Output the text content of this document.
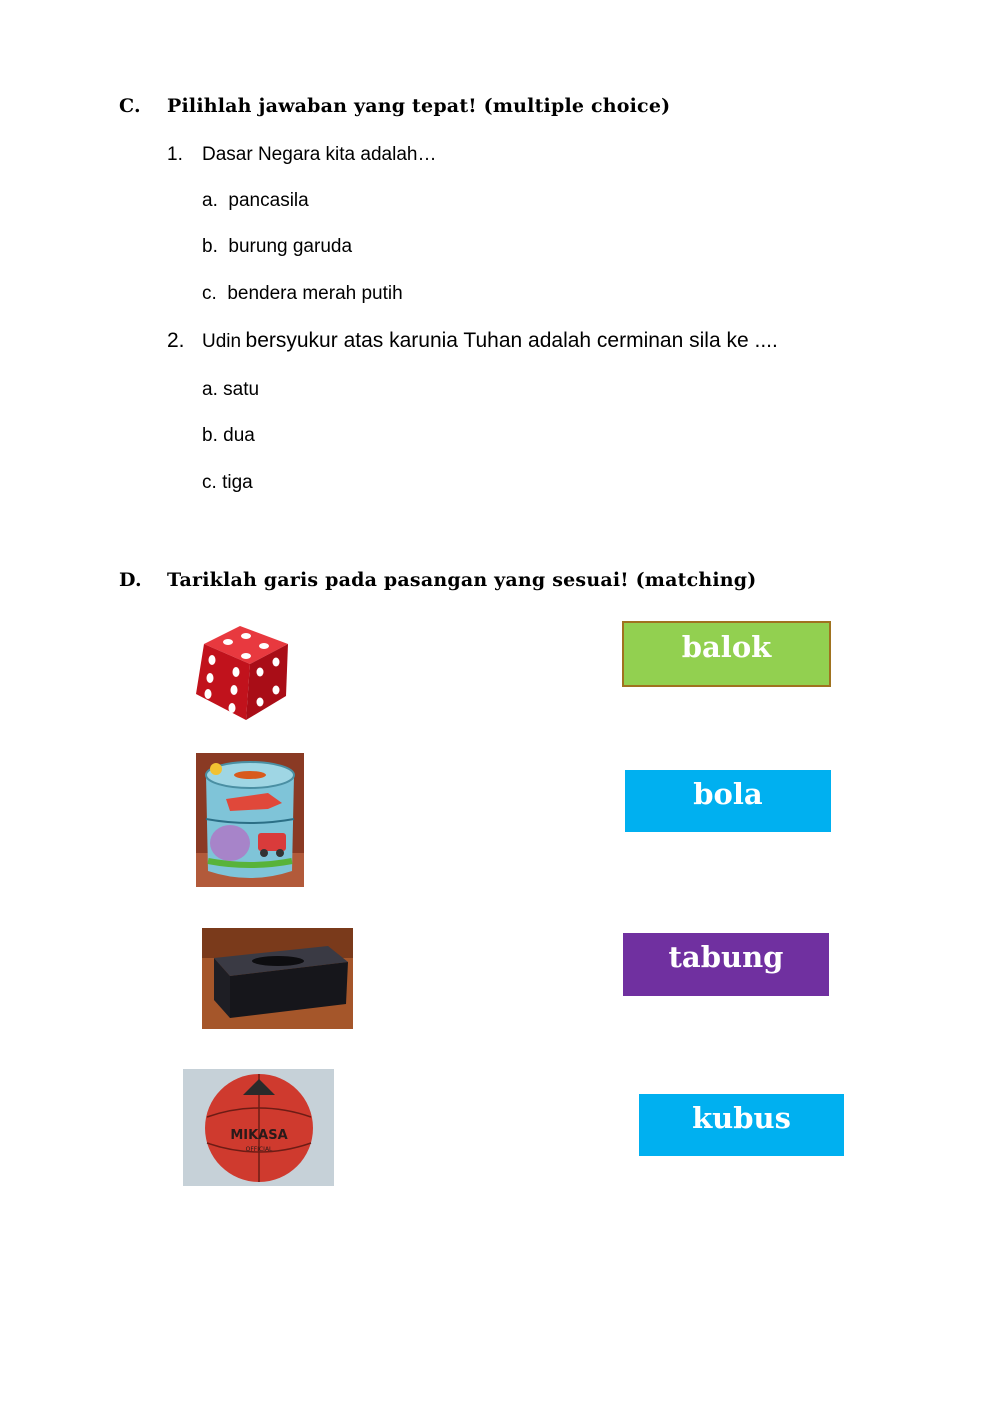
C. Pilihlah jawaban yang tepat! (multiple choice)
1. Dasar Negara kita adalah…
a. pancasila
b. burung garuda
c. bendera merah putih
2. Udin bersyukur atas karunia Tuhan adalah cerminan sila ke ....
a. satu
b. dua
c. tiga
D. Tariklah garis pada pasangan yang sesuai! (matching)
MIKASA
OFFICIAL
balok
bola
tabung
kubus
